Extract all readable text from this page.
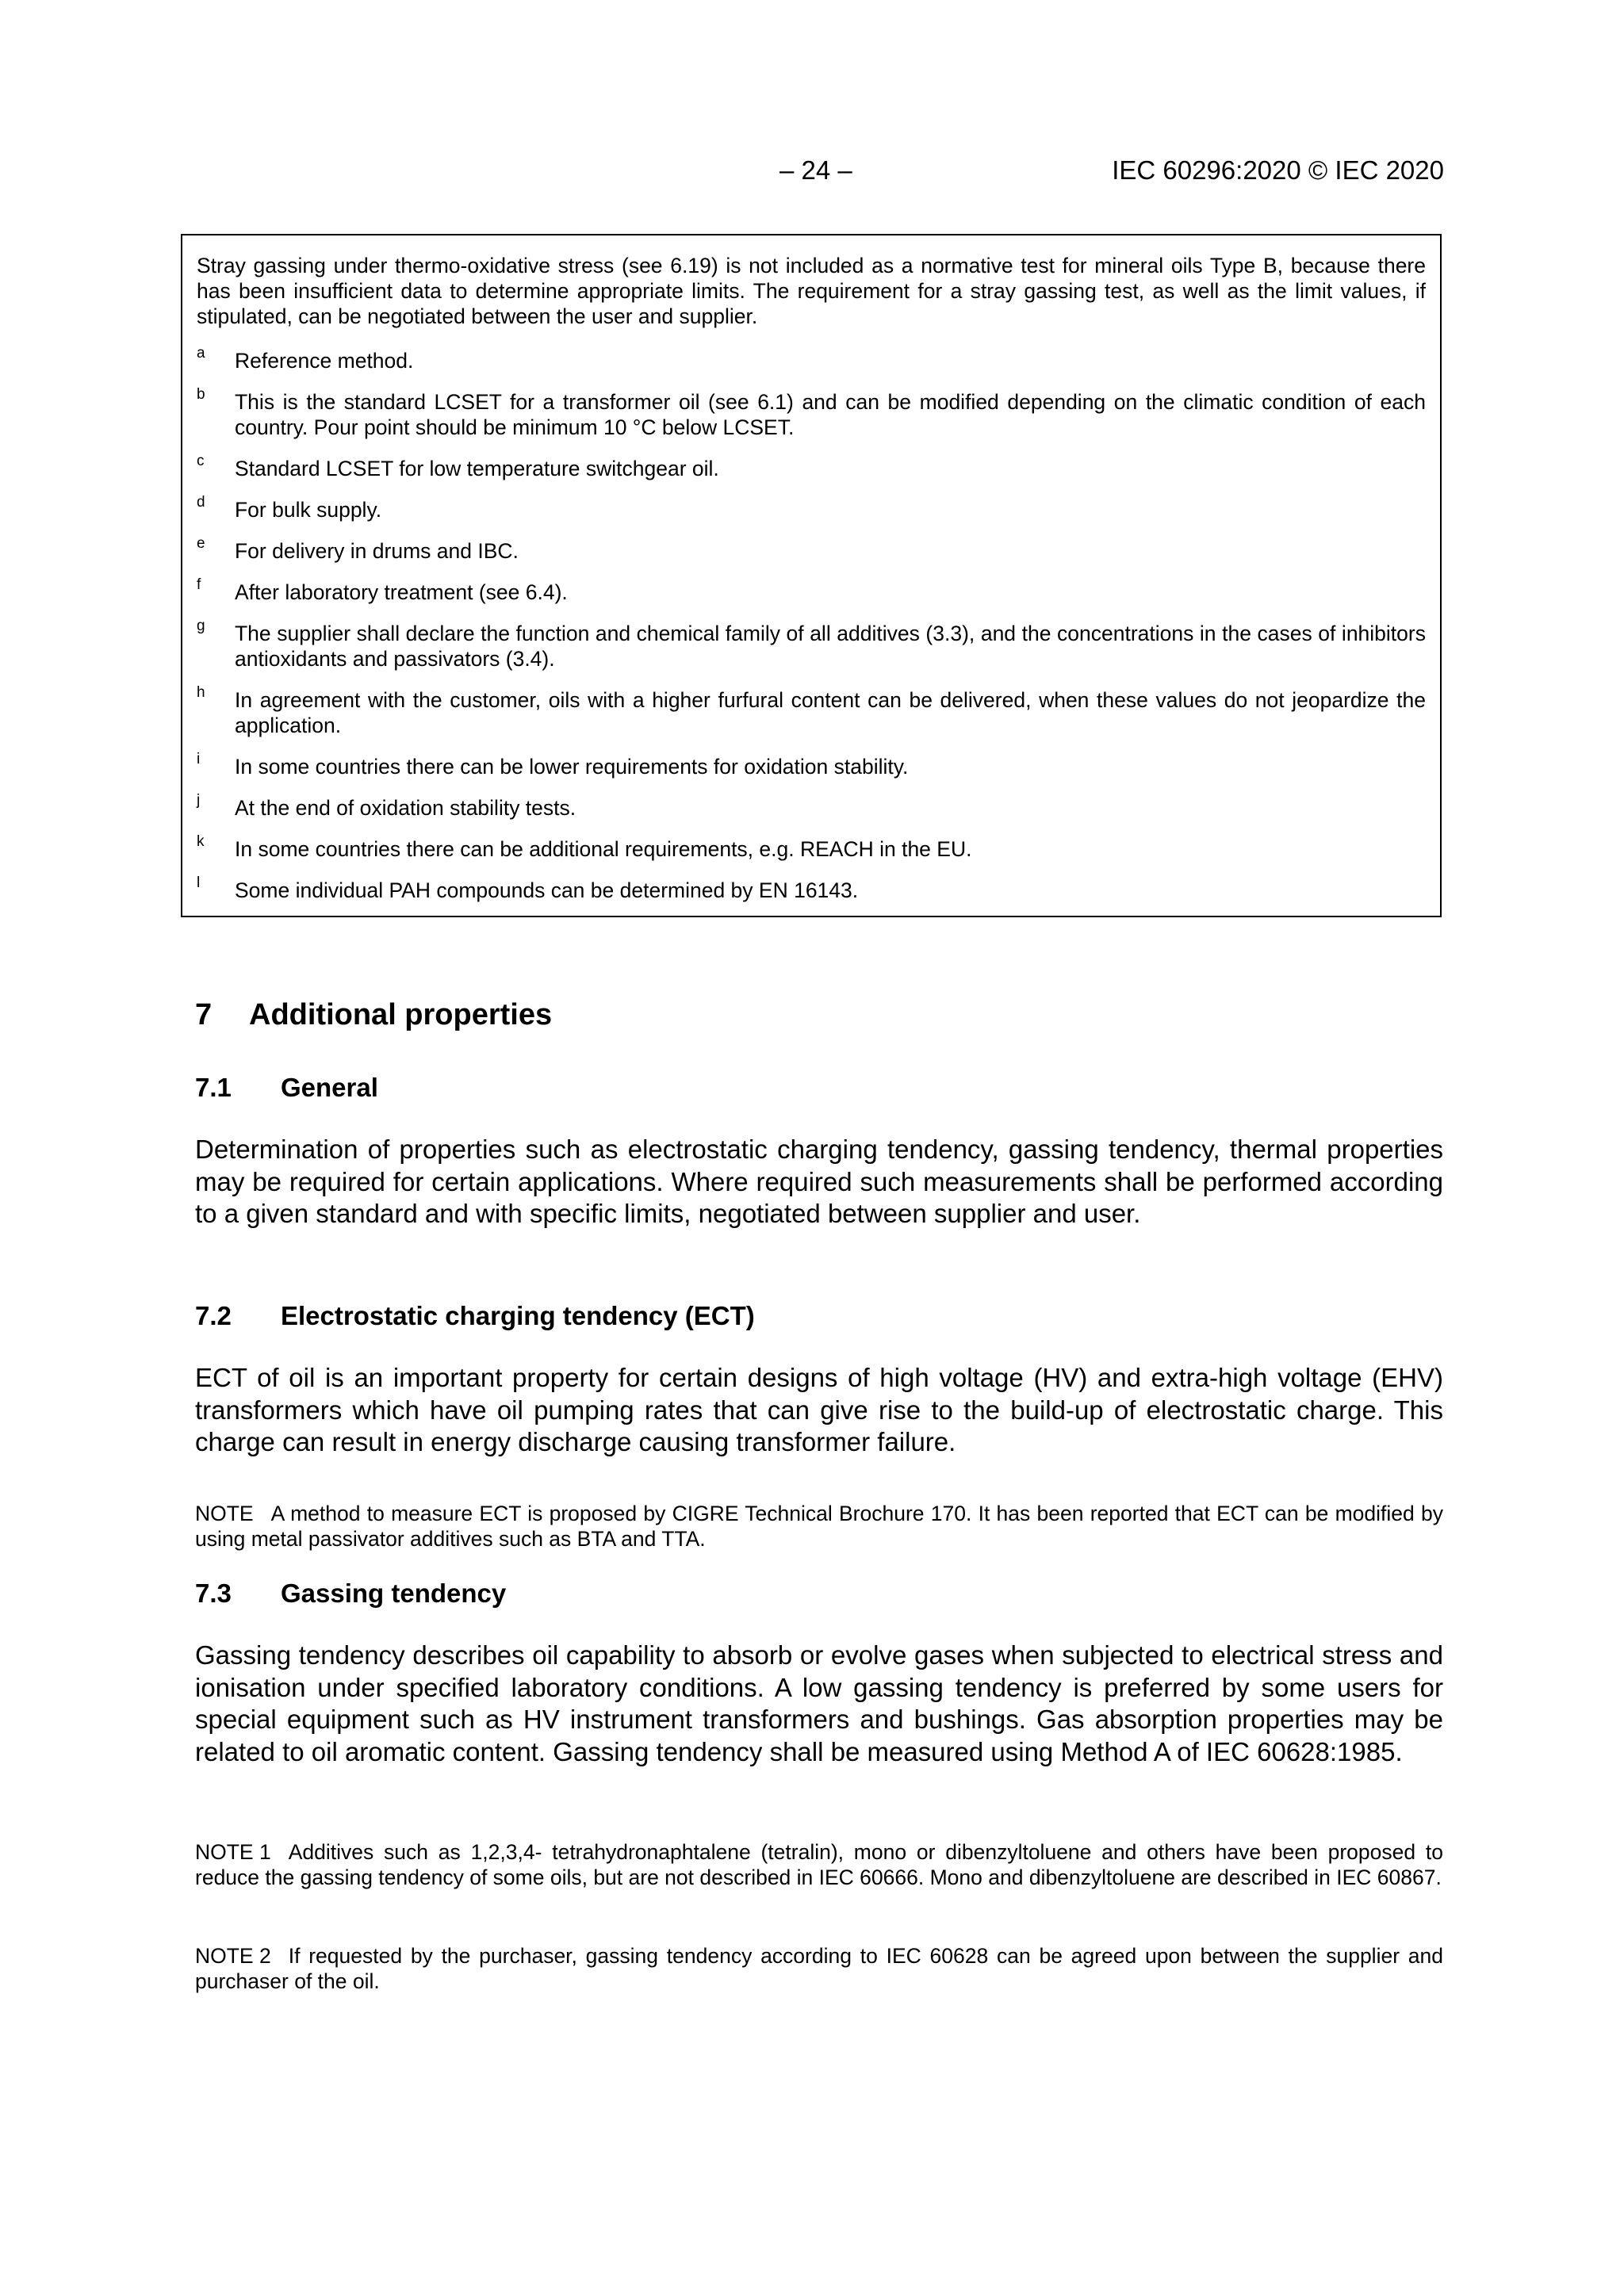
– 24 –	IEC 60296:2020 © IEC 2020

Stray gassing under thermo-oxidative stress (see 6.19) is not included as a normative test for mineral oils Type B, because there has been insufficient data to determine appropriate limits. The requirement for a stray gassing test, as well as the limit values, if stipulated, can be negotiated between the user and supplier.

a Reference method.
b This is the standard LCSET for a transformer oil (see 6.1) and can be modified depending on the climatic condition of each country. Pour point should be minimum 10 °C below LCSET.
c Standard LCSET for low temperature switchgear oil.
d For bulk supply.
e For delivery in drums and IBC.
f After laboratory treatment (see 6.4).
g The supplier shall declare the function and chemical family of all additives (3.3), and the concentrations in the cases of inhibitors antioxidants and passivators (3.4).
h In agreement with the customer, oils with a higher furfural content can be delivered, when these values do not jeopardize the application.
i In some countries there can be lower requirements for oxidation stability.
j At the end of oxidation stability tests.
k In some countries there can be additional requirements, e.g. REACH in the EU.
l Some individual PAH compounds can be determined by EN 16143.
7 Additional properties
7.1 General

Determination of properties such as electrostatic charging tendency, gassing tendency, thermal properties may be required for certain applications. Where required such measurements shall be performed according to a given standard and with specific limits, negotiated between supplier and user.

7.2 Electrostatic charging tendency (ECT)

ECT of oil is an important property for certain designs of high voltage (HV) and extra-high voltage (EHV) transformers which have oil pumping rates that can give rise to the build-up of electrostatic charge. This charge can result in energy discharge causing transformer failure.

NOTE A method to measure ECT is proposed by CIGRE Technical Brochure 170. It has been reported that ECT can be modified by using metal passivator additives such as BTA and TTA.

7.3 Gassing tendency

Gassing tendency describes oil capability to absorb or evolve gases when subjected to electrical stress and ionisation under specified laboratory conditions. A low gassing tendency is preferred by some users for special equipment such as HV instrument transformers and bushings. Gas absorption properties may be related to oil aromatic content. Gassing tendency shall be measured using Method A of IEC 60628:1985.

NOTE 1 Additives such as 1,2,3,4- tetrahydronaphtalene (tetralin), mono or dibenzyltoluene and others have been proposed to reduce the gassing tendency of some oils, but are not described in IEC 60666. Mono and dibenzyltoluene are described in IEC 60867.

NOTE 2 If requested by the purchaser, gassing tendency according to IEC 60628 can be agreed upon between the supplier and purchaser of the oil.
